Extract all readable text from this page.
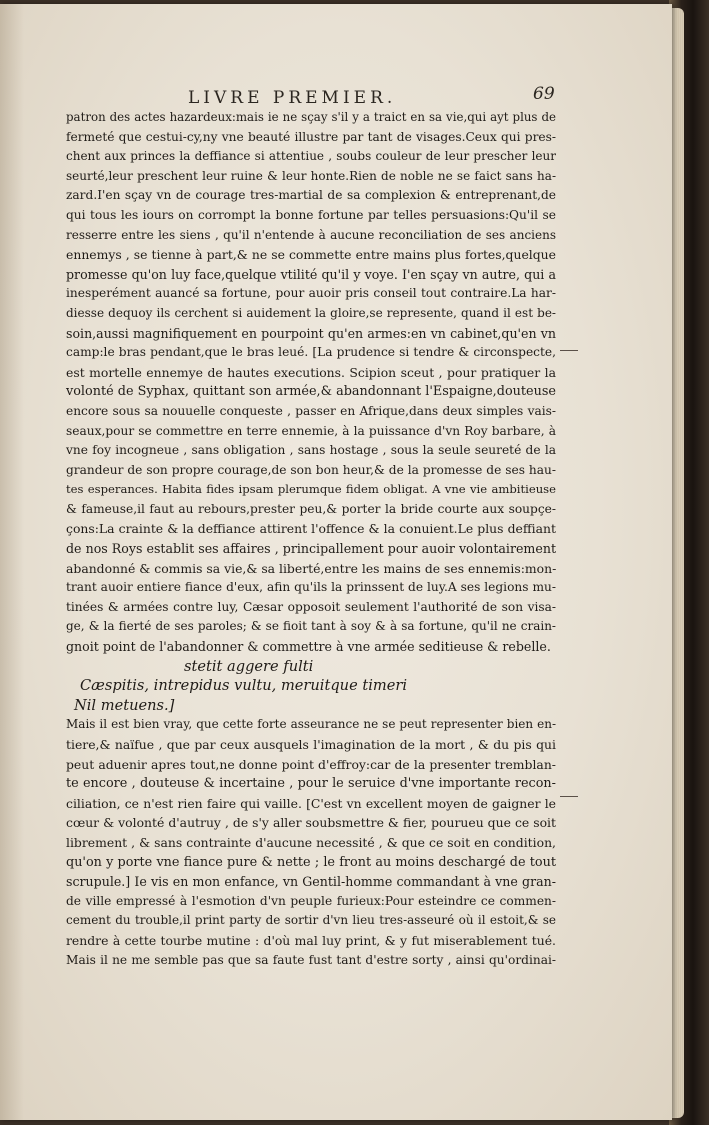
LIVRE PREMIER.	69
patron des actes hazardeux:mais ie ne sçay s'il y a traict en sa vie,qui ayt plus de
fermeté que cestui-cy,ny vne beauté illustre par tant de visages.Ceux qui pres-
chent aux princes la deffiance si attentiue , soubs couleur de leur prescher leur
seurté,leur preschent leur ruine & leur honte.Rien de noble ne se faict sans ha-
zard.I'en sçay vn de courage tres-martial de sa complexion & entreprenant,de
qui tous les iours on corrompt la bonne fortune par telles persuasions:Qu'il se
resserre entre les siens , qu'il n'entende à aucune reconciliation de ses anciens
ennemys , se tienne à part,& ne se commette entre mains plus fortes,quelque
promesse qu'on luy face,quelque vtilité qu'il y voye. I'en sçay vn autre, qui a
inesperément auancé sa fortune, pour auoir pris conseil tout contraire.La har-
diesse dequoy ils cerchent si auidement la gloire,se represente, quand il est be-
soin,aussi magnifiquement en pourpoint qu'en armes:en vn cabinet,qu'en vn
camp:le bras pendant,que le bras leué. [La prudence si tendre & circonspecte,
est mortelle ennemye de hautes executions. Scipion sceut , pour pratiquer la
volonté de Syphax, quittant son armée,& abandonnant l'Espaigne,douteuse
encore sous sa nouuelle conqueste , passer en Afrique,dans deux simples vais-
seaux,pour se commettre en terre ennemie, à la puissance d'vn Roy barbare, à
vne foy incogneue , sans obligation , sans hostage , sous la seule seureté de la
grandeur de son propre courage,de son bon heur,& de la promesse de ses hau-
tes esperances. Habita fides ipsam plerumque fidem obligat. A vne vie ambitieuse
& fameuse,il faut au rebours,prester peu,& porter la bride courte aux soupçe-
çons:La crainte & la deffiance attirent l'offence & la conuient.Le plus deffiant
de nos Roys establit ses affaires , principallement pour auoir volontairement
abandonné & commis sa vie,& sa liberté,entre les mains de ses ennemis:mon-
trant auoir entiere fiance d'eux, afin qu'ils la prinssent de luy.A ses legions mu-
tinées & armées contre luy, Cæsar opposoit seulement l'authorité de son visa-
ge, & la fierté de ses paroles; & se fioit tant à soy & à sa fortune, qu'il ne crain-
gnoit point de l'abandonner & commettre à vne armée seditieuse & rebelle.
stetit aggere fulti
Cæspitis, intrepidus vultu, meruitque timeri
Nil metuens.]
Mais il est bien vray, que cette forte asseurance ne se peut representer bien en-
tiere,& naïfue , que par ceux ausquels l'imagination de la mort , & du pis qui
peut aduenir apres tout,ne donne point d'effroy:car de la presenter tremblan-
te encore , douteuse & incertaine , pour le seruice d'vne importante recon-
ciliation, ce n'est rien faire qui vaille. [C'est vn excellent moyen de gaigner le
cœur & volonté d'autruy , de s'y aller soubsmettre & fier, pourueu que ce soit
librement , & sans contrainte d'aucune necessité , & que ce soit en condition,
qu'on y porte vne fiance pure & nette ; le front au moins deschargé de tout
scrupule.] Ie vis en mon enfance, vn Gentil-homme commandant à vne gran-
de ville empressé à l'esmotion d'vn peuple furieux:Pour esteindre ce commen-
cement du trouble,il print party de sortir d'vn lieu tres-asseuré où il estoit,& se
rendre à cette tourbe mutine : d'où mal luy print, & y fut miserablement tué.
Mais il ne me semble pas que sa faute fust tant d'estre sorty , ainsi qu'ordinai-
